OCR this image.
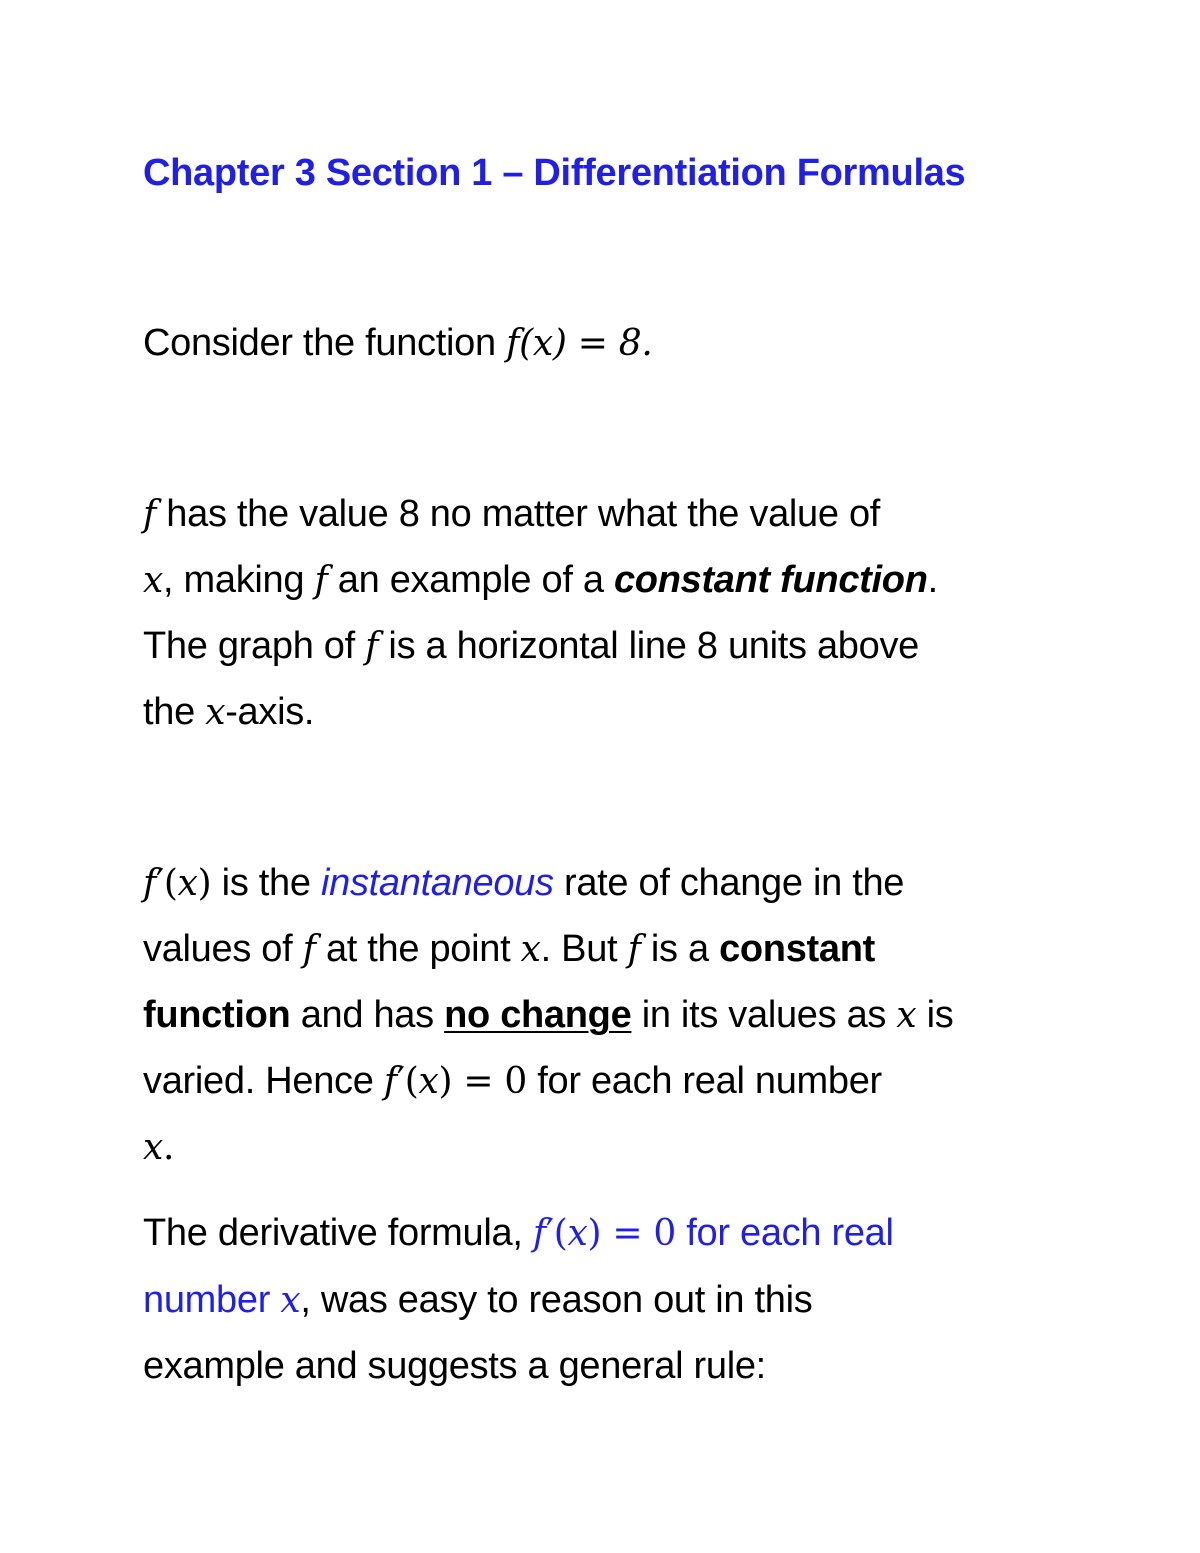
Chapter 3 Section 1 – Differentiation Formulas
Consider the function f(x) = 8.
f has the value 8 no matter what the value of
x, making f an example of a constant function.
The graph of f is a horizontal line 8 units above
the x-axis.
f′(x) is the instantaneous rate of change in the
values of f at the point x. But f is a constant
function and has no change in its values as x is
varied. Hence f′(x) = 0 for each real number
x.
The derivative formula, f′(x) = 0 for each real
number x, was easy to reason out in this
example and suggests a general rule:
